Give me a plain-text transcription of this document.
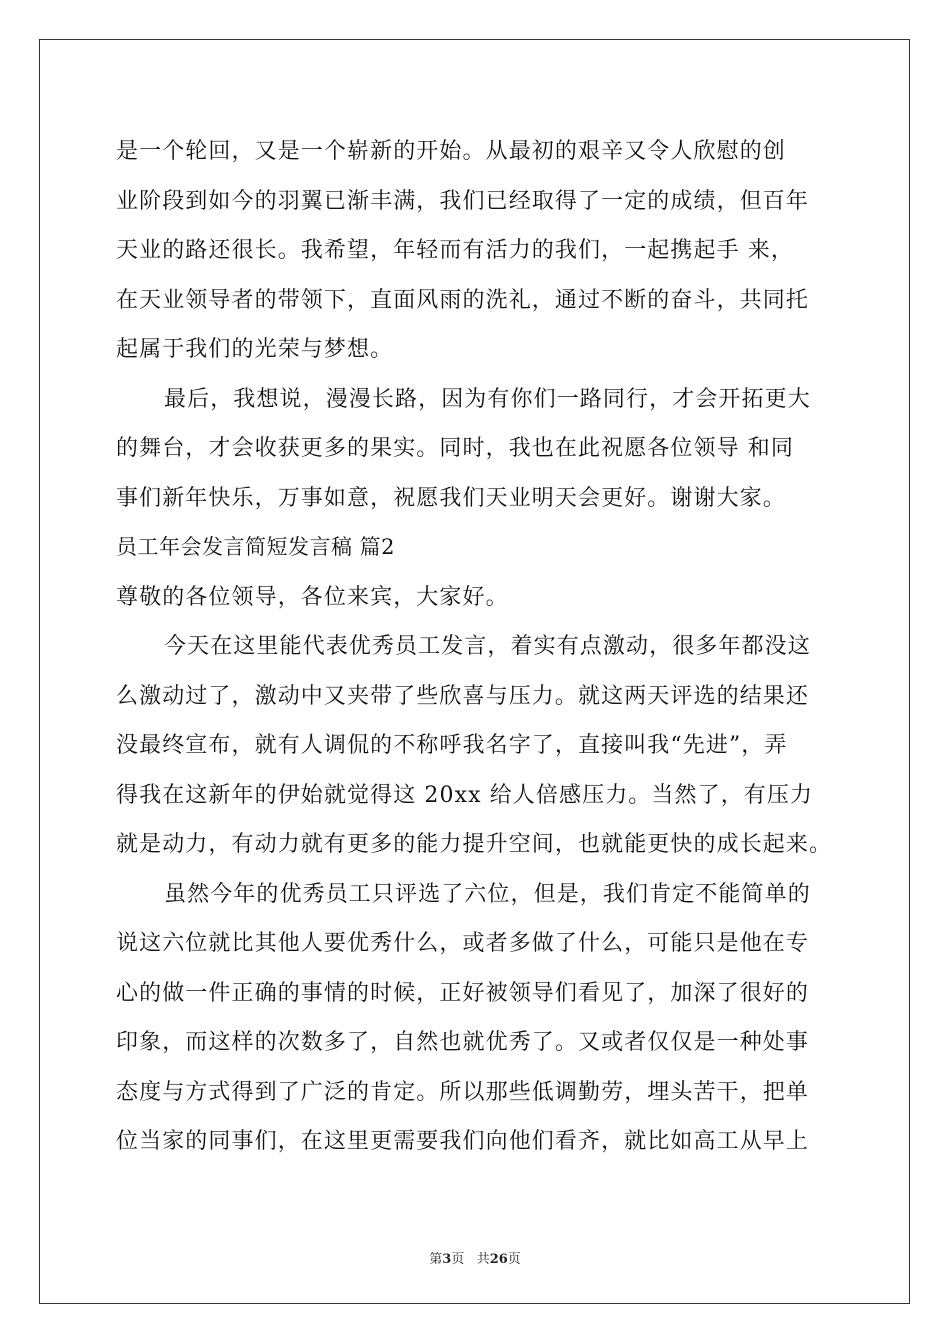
是一个轮回，又是一个崭新的开始。从最初的艰辛又令人欣慰的创
业阶段到如今的羽翼已渐丰满，我们已经取得了一定的成绩，但百年
天业的路还很长。我希望，年轻而有活力的我们，一起携起手 来，
在天业领导者的带领下，直面风雨的洗礼，通过不断的奋斗，共同托
起属于我们的光荣与梦想。
最后，我想说，漫漫长路，因为有你们一路同行，才会开拓更大
的舞台，才会收获更多的果实。同时，我也在此祝愿各位领导 和同
事们新年快乐，万事如意，祝愿我们天业明天会更好。谢谢大家。
员工年会发言简短发言稿 篇2
尊敬的各位领导，各位来宾，大家好。
今天在这里能代表优秀员工发言，着实有点激动，很多年都没这
么激动过了，激动中又夹带了些欣喜与压力。就这两天评选的结果还
没最终宣布，就有人调侃的不称呼我名字了，直接叫我“先进”，弄
得我在这新年的伊始就觉得这 20xx 给人倍感压力。当然了，有压力
就是动力，有动力就有更多的能力提升空间，也就能更快的成长起来。
虽然今年的优秀员工只评选了六位，但是，我们肯定不能简单的
说这六位就比其他人要优秀什么，或者多做了什么，可能只是他在专
心的做一件正确的事情的时候，正好被领导们看见了，加深了很好的
印象，而这样的次数多了，自然也就优秀了。又或者仅仅是一种处事
态度与方式得到了广泛的肯定。所以那些低调勤劳，埋头苦干，把单
位当家的同事们，在这里更需要我们向他们看齐，就比如高工从早上
第3页 共26页
